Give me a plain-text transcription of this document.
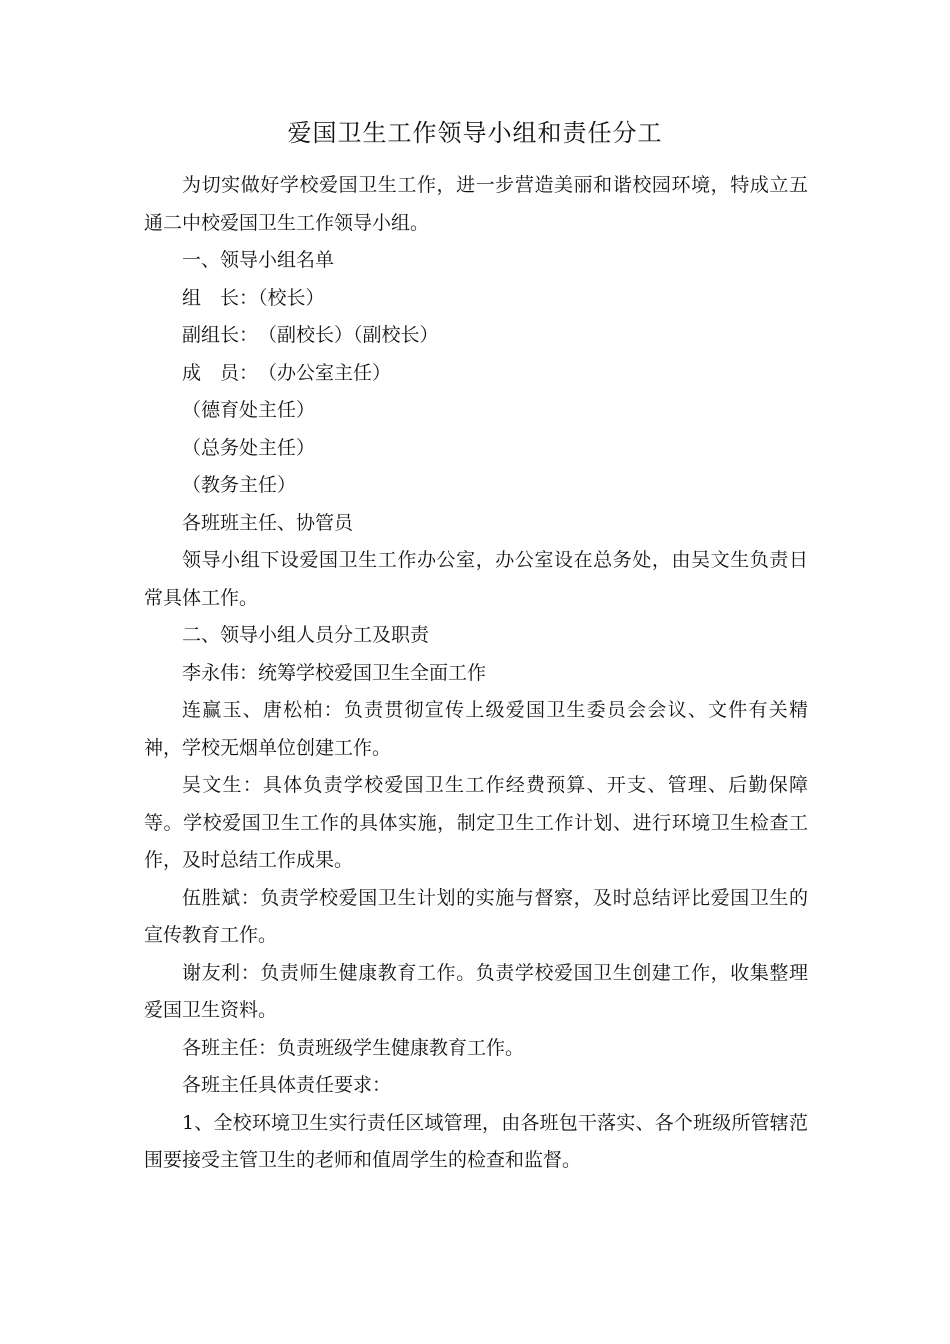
爱国卫生工作领导小组和责任分工

为切实做好学校爱国卫生工作，进一步营造美丽和谐校园环境，特成立五通二中校爱国卫生工作领导小组。

一、领导小组名单

组　长：（校长）

副组长：　（副校长）（副校长）

成　员：　（办公室主任）

（德育处主任）

（总务处主任）

（教务主任）

各班班主任、协管员

领导小组下设爱国卫生工作办公室，办公室设在总务处，由吴文生负责日常具体工作。

二、领导小组人员分工及职责

李永伟：统筹学校爱国卫生全面工作

连赢玉、唐松柏：负责贯彻宣传上级爱国卫生委员会会议、文件有关精神，学校无烟单位创建工作。

吴文生：具体负责学校爱国卫生工作经费预算、开支、管理、后勤保障等。学校爱国卫生工作的具体实施，制定卫生工作计划、进行环境卫生检查工作，及时总结工作成果。

伍胜斌：负责学校爱国卫生计划的实施与督察，及时总结评比爱国卫生的宣传教育工作。

谢友利：负责师生健康教育工作。负责学校爱国卫生创建工作，收集整理爱国卫生资料。

各班主任：负责班级学生健康教育工作。

各班主任具体责任要求：

1、全校环境卫生实行责任区域管理，由各班包干落实、各个班级所管辖范围要接受主管卫生的老师和值周学生的检查和监督。
